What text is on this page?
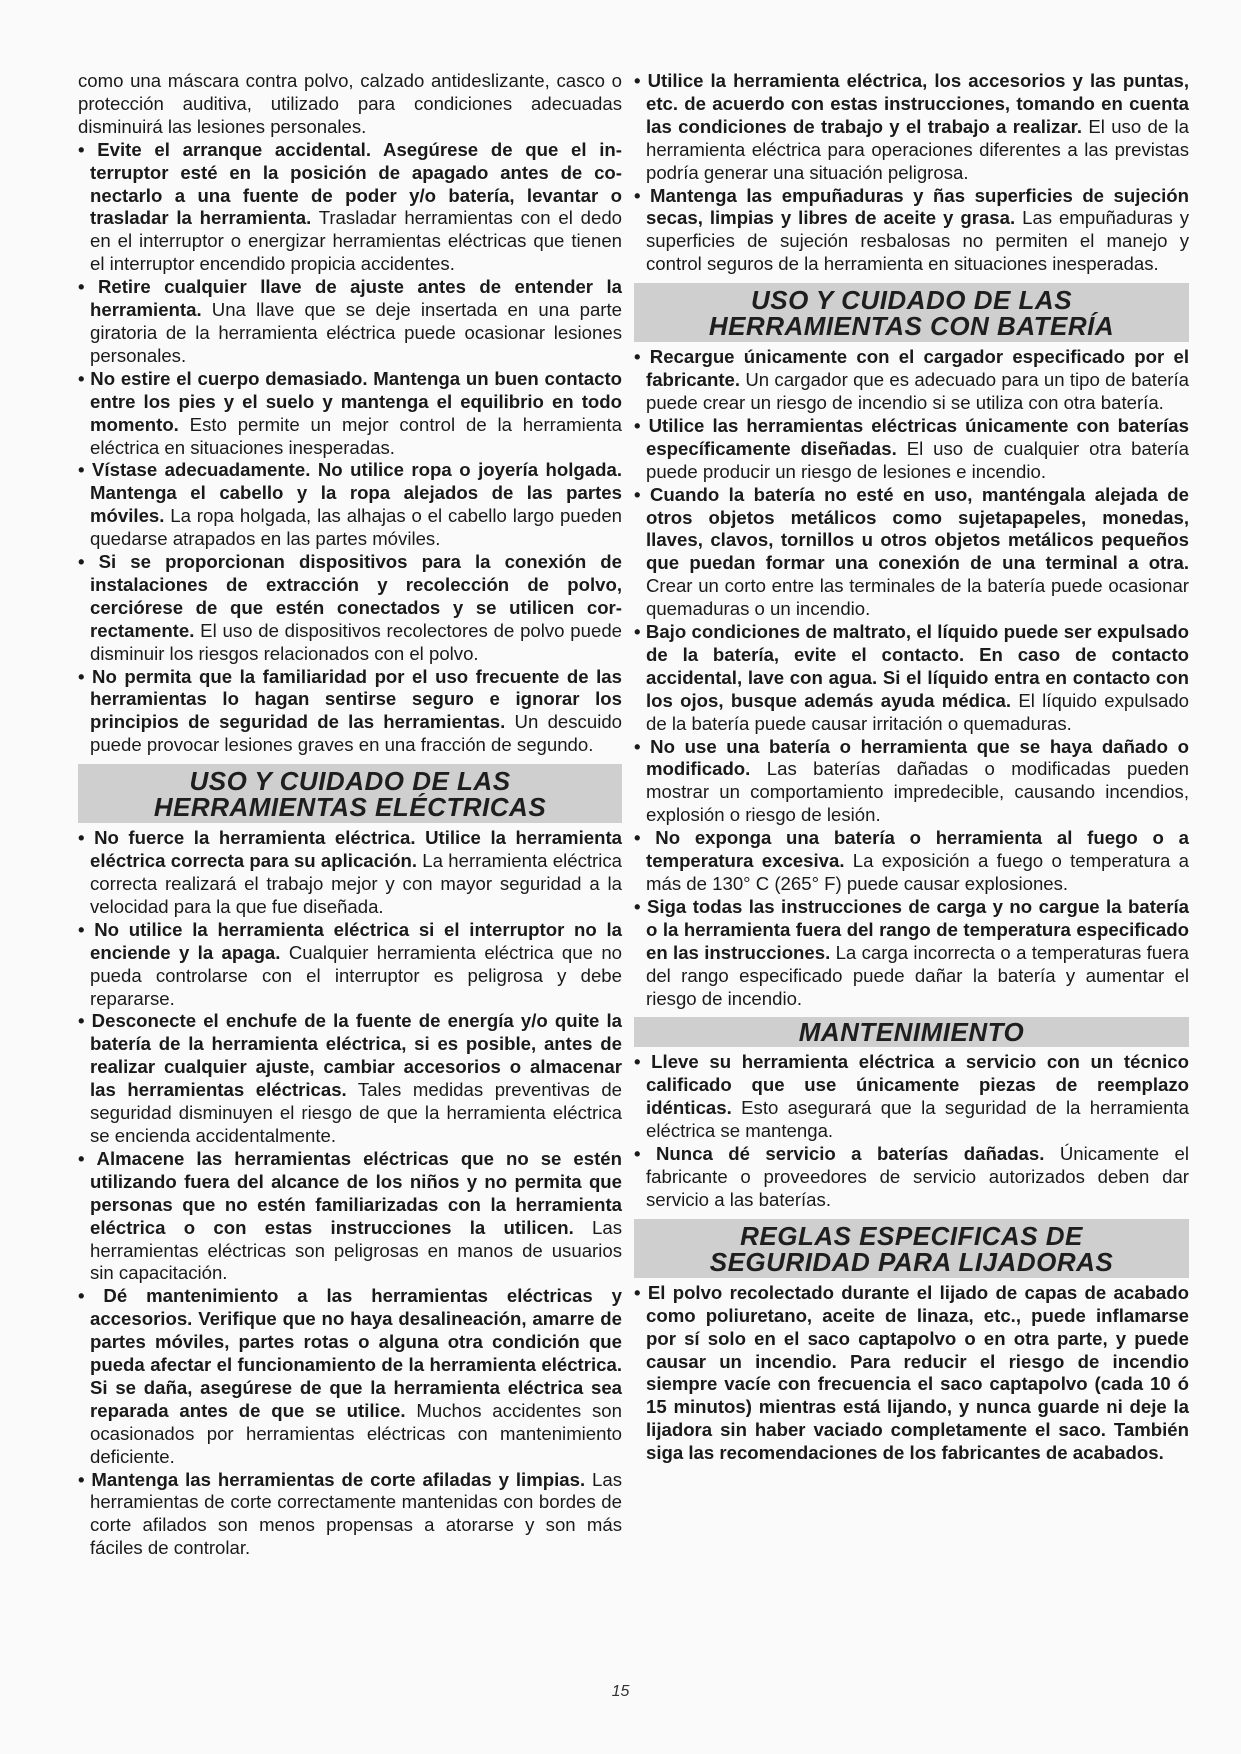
como una máscara contra polvo, calzado antideslizante, casco o protección auditiva, utilizado para condiciones adecuadas disminuirá las lesiones personales.

• Evite el arranque accidental. Asegúrese de que el interruptor esté en la posición de apagado antes de conectarlo a una fuente de poder y/o batería, levantar o trasladar la herramienta. Trasladar herramientas con el dedo en el interruptor o energizar herramientas eléctricas que tienen el interruptor encendido propicia accidentes.

• Retire cualquier llave de ajuste antes de entender la herramienta. Una llave que se deje insertada en una parte giratoria de la herramienta eléctrica puede ocasionar lesiones personales.

• No estire el cuerpo demasiado. Mantenga un buen contacto entre los pies y el suelo y mantenga el equilibrio en todo momento. Esto permite un mejor control de la herramienta eléctrica en situaciones inesperadas.

• Vístase adecuadamente. No utilice ropa o joyería holgada. Mantenga el cabello y la ropa alejados de las partes móviles. La ropa holgada, las alhajas o el cabello largo pueden quedarse atrapados en las partes móviles.

• Si se proporcionan dispositivos para la conexión de instalaciones de extracción y recolección de polvo, cerciórese de que estén conectados y se utilicen correctamente. El uso de dispositivos recolectores de polvo puede disminuir los riesgos relacionados con el polvo.

• No permita que la familiaridad por el uso frecuente de las herramientas lo hagan sentirse seguro e ignorar los principios de seguridad de las herramientas. Un descuido puede provocar lesiones graves en una fracción de segundo.

USO Y CUIDADO DE LAS
HERRAMIENTAS ELÉCTRICAS

• No fuerce la herramienta eléctrica. Utilice la herramienta eléctrica correcta para su aplicación. La herramienta eléctrica correcta realizará el trabajo mejor y con mayor seguridad a la velocidad para la que fue diseñada.

• No utilice la herramienta eléctrica si el interruptor no la enciende y la apaga. Cualquier herramienta eléctrica que no pueda controlarse con el interruptor es peligrosa y debe repararse.

• Desconecte el enchufe de la fuente de energía y/o quite la batería de la herramienta eléctrica, si es posible, antes de realizar cualquier ajuste, cambiar accesorios o almacenar las herramientas eléctricas. Tales medidas preventivas de seguridad disminuyen el riesgo de que la herramienta eléctrica se encienda accidentalmente.

• Almacene las herramientas eléctricas que no se estén utilizando fuera del alcance de los niños y no permita que personas que no estén familiarizadas con la herramienta eléctrica o con estas instrucciones la utilicen. Las herramientas eléctricas son peligrosas en manos de usuarios sin capacitación.

• Dé mantenimiento a las herramientas eléctricas y accesorios. Verifique que no haya desalineación, amarre de partes móviles, partes rotas o alguna otra condición que pueda afectar el funcionamiento de la herramienta eléctrica. Si se daña, asegúrese de que la herramienta eléctrica sea reparada antes de que se utilice. Muchos accidentes son ocasionados por herramientas eléctricas con mantenimiento deficiente.

• Mantenga las herramientas de corte afiladas y limpias. Las herramientas de corte correctamente mantenidas con bordes de corte afilados son menos propensas a atorarse y son más fáciles de controlar.

• Utilice la herramienta eléctrica, los accesorios y las puntas, etc. de acuerdo con estas instrucciones, tomando en cuenta las condiciones de trabajo y el trabajo a realizar. El uso de la herramienta eléctrica para operaciones diferentes a las previstas podría generar una situación peligrosa.

• Mantenga las empuñaduras y ñas superficies de sujeción secas, limpias y libres de aceite y grasa. Las empuñaduras y superficies de sujeción resbalosas no permiten el manejo y control seguros de la herramienta en situaciones inesperadas.

USO Y CUIDADO DE LAS
HERRAMIENTAS CON BATERÍA

• Recargue únicamente con el cargador especificado por el fabricante. Un cargador que es adecuado para un tipo de batería puede crear un riesgo de incendio si se utiliza con otra batería.

• Utilice las herramientas eléctricas únicamente con baterías específicamente diseñadas. El uso de cualquier otra batería puede producir un riesgo de lesiones e incendio.

• Cuando la batería no esté en uso, manténgala alejada de otros objetos metálicos como sujetapapeles, monedas, llaves, clavos, tornillos u otros objetos metálicos pequeños que puedan formar una conexión de una terminal a otra. Crear un corto entre las terminales de la batería puede ocasionar quemaduras o un incendio.

• Bajo condiciones de maltrato, el líquido puede ser expulsado de la batería, evite el contacto. En caso de contacto accidental, lave con agua. Si el líquido entra en contacto con los ojos, busque además ayuda médica. El líquido expulsado de la batería puede causar irritación o quemaduras.

• No use una batería o herramienta que se haya dañado o modificado. Las baterías dañadas o modificadas pueden mostrar un comportamiento impredecible, causando incendios, explosión o riesgo de lesión.

• No exponga una batería o herramienta al fuego o a temperatura excesiva. La exposición a fuego o temperatura a más de 130° C (265° F) puede causar explosiones.

• Siga todas las instrucciones de carga y no cargue la batería o la herramienta fuera del rango de temperatura especificado en las instrucciones. La carga incorrecta o a temperaturas fuera del rango especificado puede dañar la batería y aumentar el riesgo de incendio.

MANTENIMIENTO

• Lleve su herramienta eléctrica a servicio con un técnico calificado que use únicamente piezas de reemplazo idénticas. Esto asegurará que la seguridad de la herramienta eléctrica se mantenga.

• Nunca dé servicio a baterías dañadas. Únicamente el fabricante o proveedores de servicio autorizados deben dar servicio a las baterías.

REGLAS ESPECIFICAS DE
SEGURIDAD PARA LIJADORAS

• El polvo recolectado durante el lijado de capas de acabado como poliuretano, aceite de linaza, etc., puede inflamarse por sí solo en el saco captapolvo o en otra parte, y puede causar un incendio. Para reducir el riesgo de incendio siempre vacíe con frecuencia el saco captapolvo (cada 10 ó 15 minutos) mientras está lijando, y nunca guarde ni deje la lijadora sin haber vaciado completamente el saco. También siga las recomendaciones de los fabricantes de acabados.

15
